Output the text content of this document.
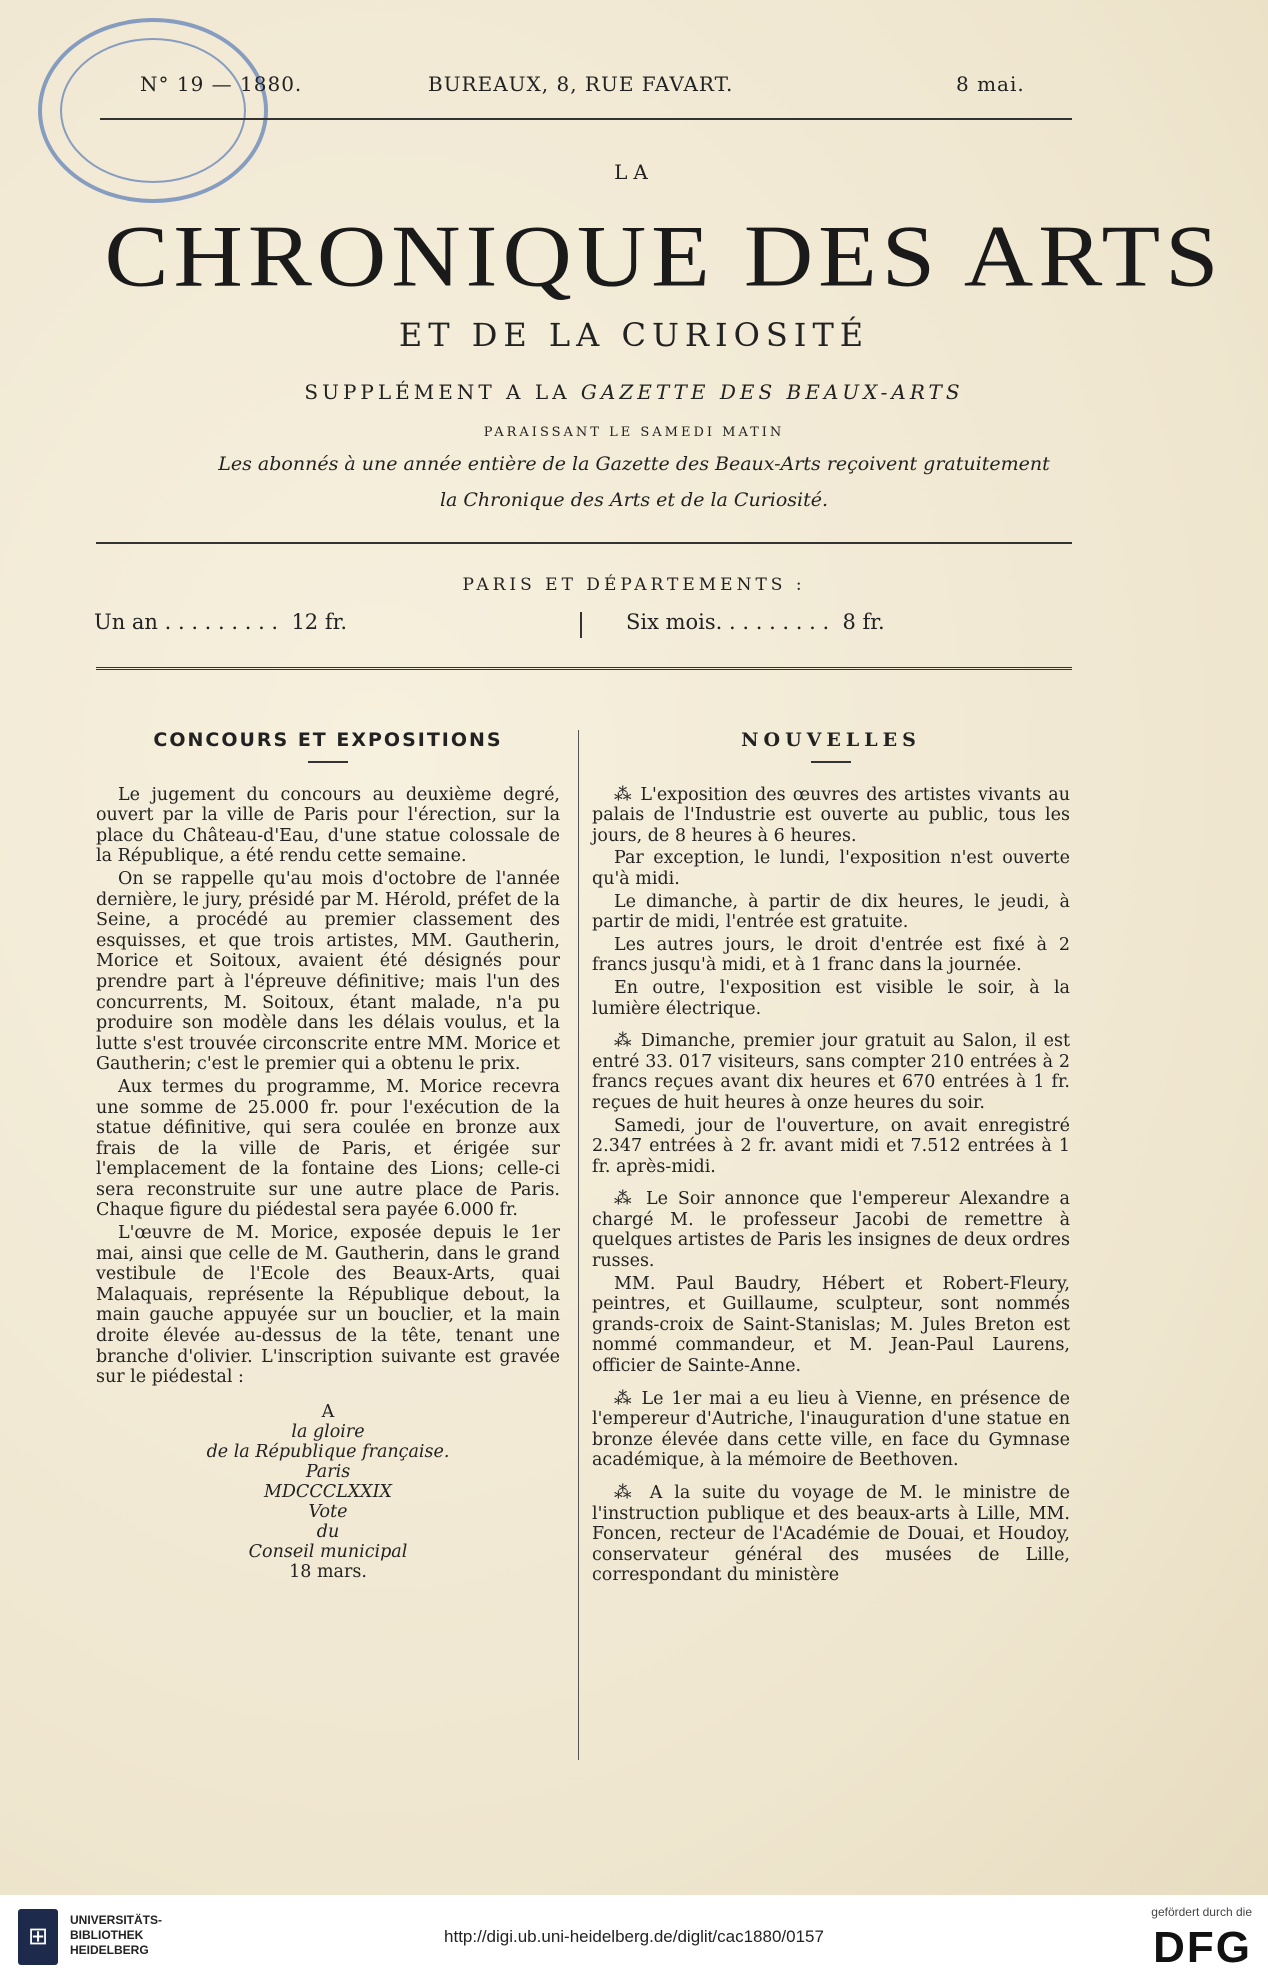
N° 19 — 1880.	BUREAUX, 8, RUE FAVART.	8 mai.
LA
CHRONIQUE DES ARTS
ET DE LA CURIOSITÉ
SUPPLÉMENT A LA GAZETTE DES BEAUX-ARTS
PARAISSANT LE SAMEDI MATIN
Les abonnés à une année entière de la Gazette des Beaux-Arts reçoivent gratuitement
la Chronique des Arts et de la Curiosité.
PARIS ET DÉPARTEMENTS :
Un an . . . . . . . . .  12 fr.	Six mois. . . . . . . . .  8 fr.
CONCOURS ET EXPOSITIONS

Le jugement du concours au deuxième degré, ouvert par la ville de Paris pour l'érection, sur la place du Château-d'Eau, d'une statue colossale de la République, a été rendu cette semaine.

On se rappelle qu'au mois d'octobre de l'année dernière, le jury, présidé par M. Hérold, préfet de la Seine, a procédé au premier classement des esquisses, et que trois artistes, MM. Gautherin, Morice et Soitoux, avaient été désignés pour prendre part à l'épreuve définitive; mais l'un des concurrents, M. Soitoux, étant malade, n'a pu produire son modèle dans les délais voulus, et la lutte s'est trouvée circonscrite entre MM. Morice et Gautherin; c'est le premier qui a obtenu le prix.

Aux termes du programme, M. Morice recevra une somme de 25.000 fr. pour l'exécution de la statue définitive, qui sera coulée en bronze aux frais de la ville de Paris, et érigée sur l'emplacement de la fontaine des Lions; celle-ci sera reconstruite sur une autre place de Paris. Chaque figure du piédestal sera payée 6.000 fr.

L'œuvre de M. Morice, exposée depuis le 1er mai, ainsi que celle de M. Gautherin, dans le grand vestibule de l'Ecole des Beaux-Arts, quai Malaquais, représente la République debout, la main gauche appuyée sur un bouclier, et la main droite élevée au-dessus de la tête, tenant une branche d'olivier. L'inscription suivante est gravée sur le piédestal :

A
la gloire
de la République française.
Paris
MDCCCLXXIX
Vote
du
Conseil municipal
18 mars.
NOUVELLES

⁂ L'exposition des œuvres des artistes vivants au palais de l'Industrie est ouverte au public, tous les jours, de 8 heures à 6 heures.

Par exception, le lundi, l'exposition n'est ouverte qu'à midi.

Le dimanche, à partir de dix heures, le jeudi, à partir de midi, l'entrée est gratuite.

Les autres jours, le droit d'entrée est fixé à 2 francs jusqu'à midi, et à 1 franc dans la journée.

En outre, l'exposition est visible le soir, à la lumière électrique.

⁂ Dimanche, premier jour gratuit au Salon, il est entré 33. 017 visiteurs, sans compter 210 entrées à 2 francs reçues avant dix heures et 670 entrées à 1 fr. reçues de huit heures à onze heures du soir.

Samedi, jour de l'ouverture, on avait enregistré 2.347 entrées à 2 fr. avant midi et 7.512 entrées à 1 fr. après-midi.

⁂ Le Soir annonce que l'empereur Alexandre a chargé M. le professeur Jacobi de remettre à quelques artistes de Paris les insignes de deux ordres russes.

MM. Paul Baudry, Hébert et Robert-Fleury, peintres, et Guillaume, sculpteur, sont nommés grands-croix de Saint-Stanislas; M. Jules Breton est nommé commandeur, et M. Jean-Paul Laurens, officier de Sainte-Anne.

⁂ Le 1er mai a eu lieu à Vienne, en présence de l'empereur d'Autriche, l'inauguration d'une statue en bronze élevée dans cette ville, en face du Gymnase académique, à la mémoire de Beethoven.

⁂ A la suite du voyage de M. le ministre de l'instruction publique et des beaux-arts à Lille, MM. Foncen, recteur de l'Académie de Douai, et Houdoy, conservateur général des musées de Lille, correspondant du ministère

⊞
UNIVERSITÄTS-
BIBLIOTHEK
HEIDELBERG
http://digi.ub.uni-heidelberg.de/diglit/cac1880/0157
gefördert durch die
DFG
